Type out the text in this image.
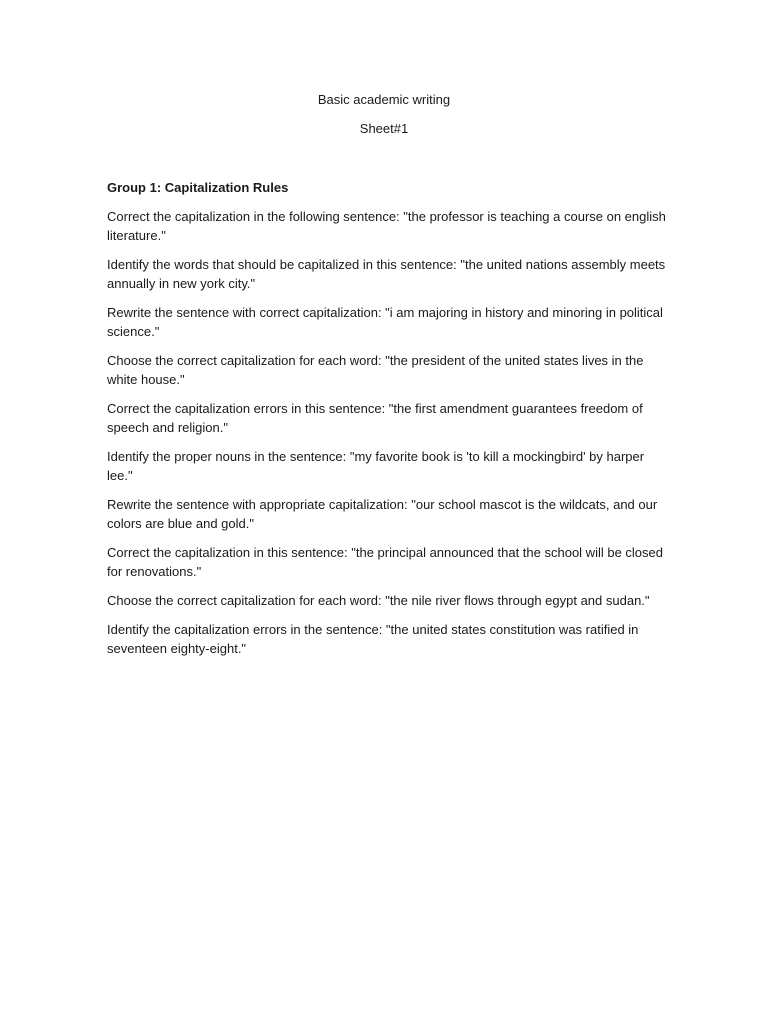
Basic academic writing
Sheet#1

Group 1: Capitalization Rules

Correct the capitalization in the following sentence: "the professor is teaching a course on english literature."

Identify the words that should be capitalized in this sentence: "the united nations assembly meets annually in new york city."

Rewrite the sentence with correct capitalization: "i am majoring in history and minoring in political science."

Choose the correct capitalization for each word: "the president of the united states lives in the white house."

Correct the capitalization errors in this sentence: "the first amendment guarantees freedom of speech and religion."

Identify the proper nouns in the sentence: "my favorite book is 'to kill a mockingbird' by harper lee."

Rewrite the sentence with appropriate capitalization: "our school mascot is the wildcats, and our colors are blue and gold."

Correct the capitalization in this sentence: "the principal announced that the school will be closed for renovations."

Choose the correct capitalization for each word: "the nile river flows through egypt and sudan."

Identify the capitalization errors in the sentence: "the united states constitution was ratified in seventeen eighty-eight."
